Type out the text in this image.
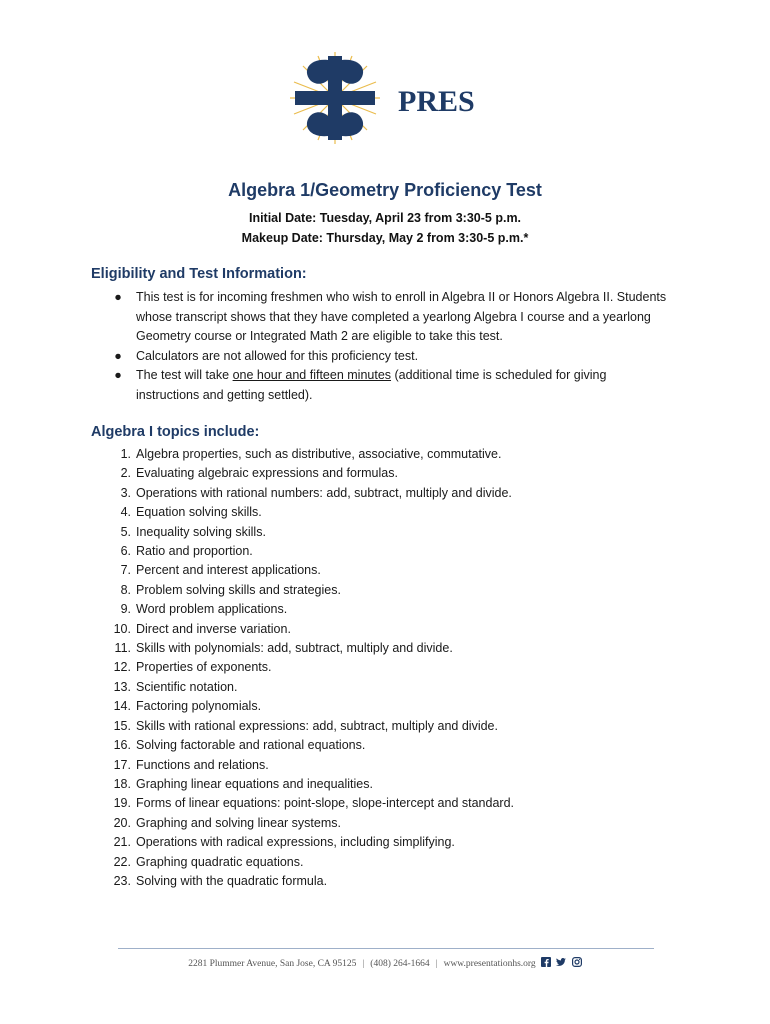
PRES
Algebra 1/Geometry Proficiency Test
Initial Date: Tuesday, April 23 from 3:30-5 p.m.
Makeup Date: Thursday, May 2 from 3:30-5 p.m.*
Eligibility and Test Information:
● This test is for incoming freshmen who wish to enroll in Algebra II or Honors Algebra II. Students whose transcript shows that they have completed a yearlong Algebra I course and a yearlong Geometry course or Integrated Math 2 are eligible to take this test.
● Calculators are not allowed for this proficiency test.
● The test will take one hour and fifteen minutes (additional time is scheduled for giving instructions and getting settled).
Algebra I topics include:
1. Algebra properties, such as distributive, associative, commutative.
2. Evaluating algebraic expressions and formulas.
3. Operations with rational numbers: add, subtract, multiply and divide.
4. Equation solving skills.
5. Inequality solving skills.
6. Ratio and proportion.
7. Percent and interest applications.
8. Problem solving skills and strategies.
9. Word problem applications.
10. Direct and inverse variation.
11. Skills with polynomials: add, subtract, multiply and divide.
12. Properties of exponents.
13. Scientific notation.
14. Factoring polynomials.
15. Skills with rational expressions: add, subtract, multiply and divide.
16. Solving factorable and rational equations.
17. Functions and relations.
18. Graphing linear equations and inequalities.
19. Forms of linear equations: point-slope, slope-intercept and standard.
20. Graphing and solving linear systems.
21. Operations with radical expressions, including simplifying.
22. Graphing quadratic equations.
23. Solving with the quadratic formula.
2281 Plummer Avenue, San Jose, CA 95125 | (408) 264-1664 | www.presentationhs.org
